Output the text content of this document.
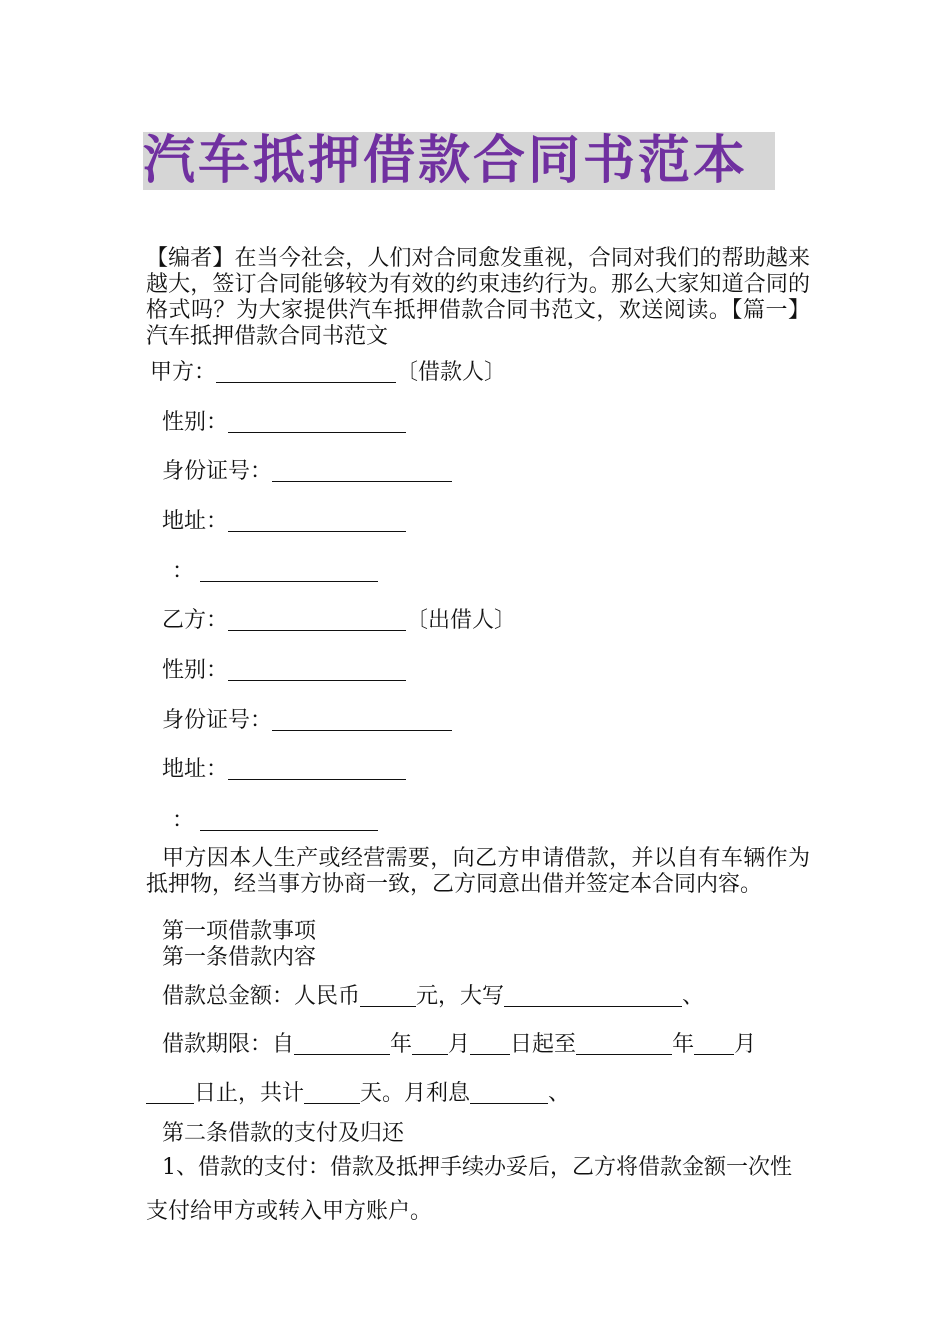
汽车抵押借款合同书范本

【编者】在当今社会，人们对合同愈发重视，合同对我们的帮助越来越大，签订合同能够较为有效的约束违约行为。那么大家知道合同的格式吗？为大家提供汽车抵押借款合同书范文，欢送阅读。【篇一】汽车抵押借款合同书范文

甲方：	〔借款人〕
性别：
身份证号：
地址：
：
乙方：	〔出借人〕
性别：
身份证号：
地址：
：

甲方因本人生产或经营需要，向乙方申请借款，并以自有车辆作为抵押物，经当事方协商一致，乙方同意出借并签定本合同内容。

第一项借款事项
第一条借款内容
借款总金额：人民币	元，大写	、
借款期限：自	年 月 日起至	年 月
日止，共计	天。月利息	、
第二条借款的支付及归还

1、借款的支付：借款及抵押手续办妥后，乙方将借款金额一次性支付给甲方或转入甲方账户。
